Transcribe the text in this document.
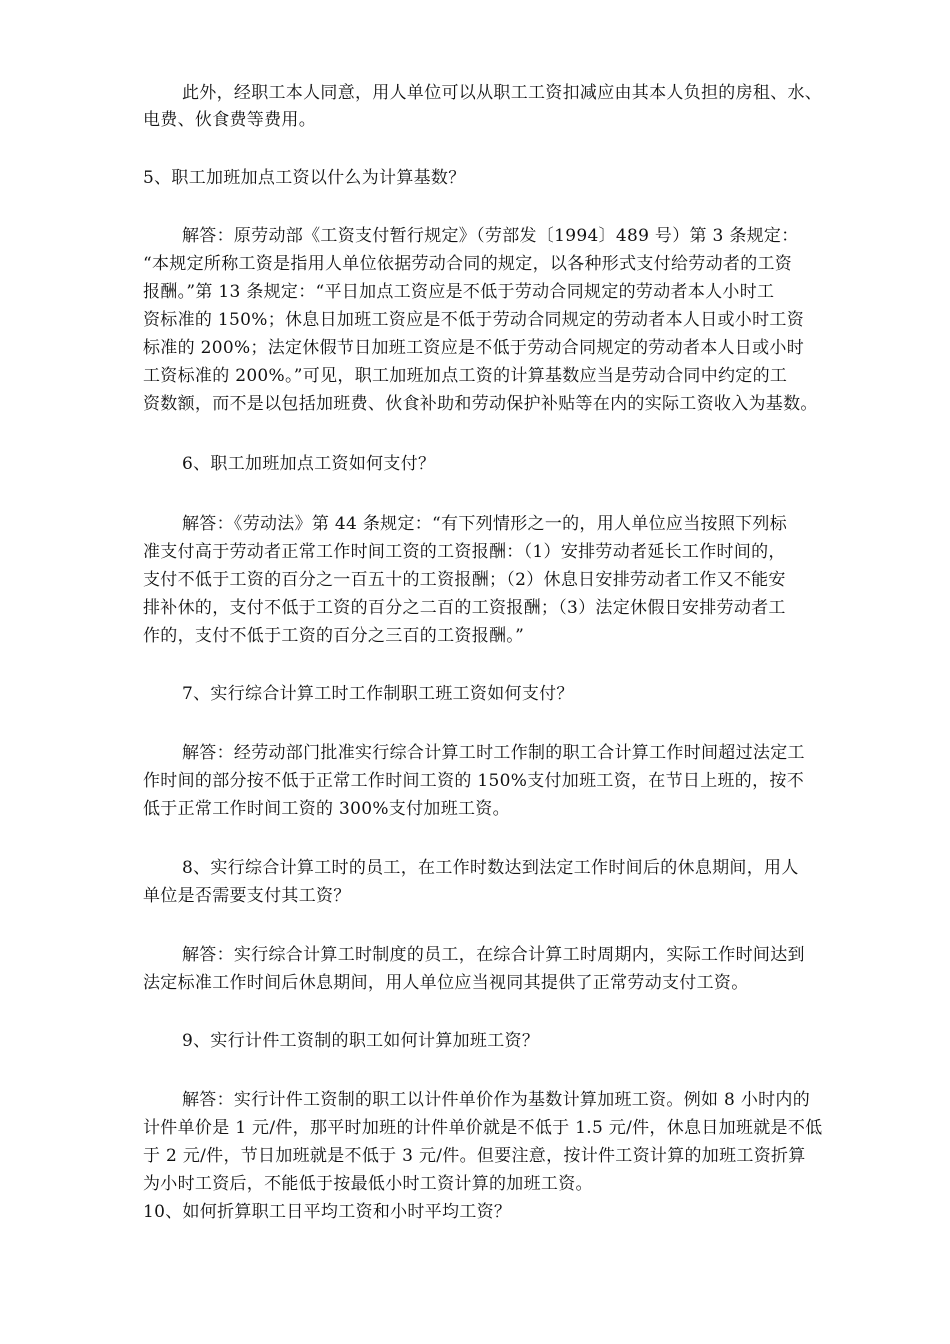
此外，经职工本人同意，用人单位可以从职工工资扣减应由其本人负担的房租、水、
电费、伙食费等费用。
5、职工加班加点工资以什么为计算基数？
解答：原劳动部《工资支付暂行规定》（劳部发〔1994〕489 号）第 3 条规定：
“本规定所称工资是指用人单位依据劳动合同的规定，以各种形式支付给劳动者的工资
报酬。”第 13 条规定：“平日加点工资应是不低于劳动合同规定的劳动者本人小时工
资标准的 150%；休息日加班工资应是不低于劳动合同规定的劳动者本人日或小时工资
标准的 200%；法定休假节日加班工资应是不低于劳动合同规定的劳动者本人日或小时
工资标准的 200%。”可见，职工加班加点工资的计算基数应当是劳动合同中约定的工
资数额，而不是以包括加班费、伙食补助和劳动保护补贴等在内的实际工资收入为基数。
6、职工加班加点工资如何支付？
解答：《劳动法》第 44 条规定：“有下列情形之一的，用人单位应当按照下列标
准支付高于劳动者正常工作时间工资的工资报酬：（1）安排劳动者延长工作时间的，
支付不低于工资的百分之一百五十的工资报酬；（2）休息日安排劳动者工作又不能安
排补休的，支付不低于工资的百分之二百的工资报酬；（3）法定休假日安排劳动者工
作的，支付不低于工资的百分之三百的工资报酬。”
7、实行综合计算工时工作制职工班工资如何支付？
解答：经劳动部门批准实行综合计算工时工作制的职工合计算工作时间超过法定工
作时间的部分按不低于正常工作时间工资的 150%支付加班工资，在节日上班的，按不
低于正常工作时间工资的 300%支付加班工资。
8、实行综合计算工时的员工，在工作时数达到法定工作时间后的休息期间，用人
单位是否需要支付其工资？
解答：实行综合计算工时制度的员工，在综合计算工时周期内，实际工作时间达到
法定标准工作时间后休息期间，用人单位应当视同其提供了正常劳动支付工资。
9、实行计件工资制的职工如何计算加班工资？
解答：实行计件工资制的职工以计件单价作为基数计算加班工资。例如 8 小时内的
计件单价是 1 元/件，那平时加班的计件单价就是不低于 1.5 元/件，休息日加班就是不低
于 2 元/件，节日加班就是不低于 3 元/件。但要注意，按计件工资计算的加班工资折算
为小时工资后，不能低于按最低小时工资计算的加班工资。
10、如何折算职工日平均工资和小时平均工资？
